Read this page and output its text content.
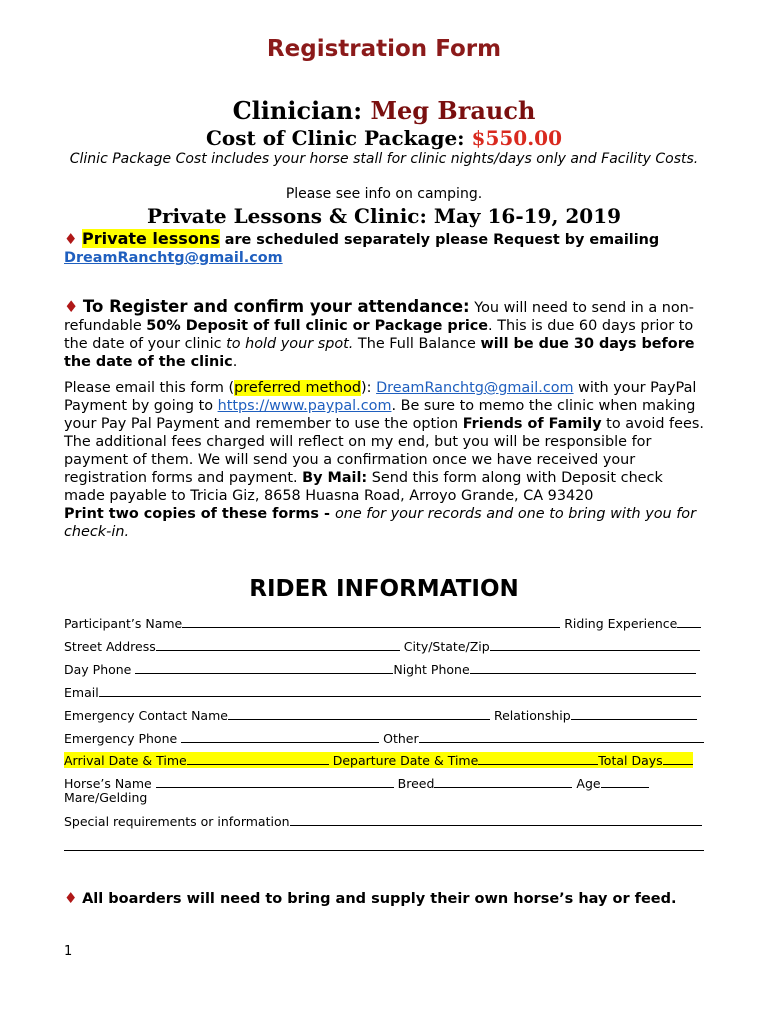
Registration Form
Clinician: Meg Brauch
Cost of Clinic Package: $550.00
Clinic Package Cost includes your horse stall for clinic nights/days only and Facility Costs.
Please see info on camping.
Private Lessons & Clinic: May 16-19, 2019
♦ Private lessons are scheduled separately please Request by emailing
DreamRanchtg@gmail.com
♦ To Register and confirm your attendance: You will need to send in a non-refundable 50% Deposit of full clinic or Package price. This is due 60 days prior to the date of your clinic to hold your spot. The Full Balance will be due 30 days before the date of the clinic.
Please email this form (preferred method): DreamRanchtg@gmail.com with your PayPal Payment by going to https://www.paypal.com. Be sure to memo the clinic when making your Pay Pal Payment and remember to use the option Friends of Family to avoid fees. The additional fees charged will reflect on my end, but you will be responsible for payment of them. We will send you a confirmation once we have received your registration forms and payment. By Mail: Send this form along with Deposit check made payable to Tricia Giz, 8658 Huasna Road, Arroyo Grande, CA 93420
Print two copies of these forms - one for your records and one to bring with you for check-in.
RIDER INFORMATION
Participant’s Name	Riding Experience
Street Address	City/State/Zip
Day Phone	Night Phone
Email
Emergency Contact Name	Relationship
Emergency Phone	Other
Arrival Date & Time	Departure Date & Time	Total Days
Horse’s Name	Breed	Age
Mare/Gelding
Special requirements or information
♦ All boarders will need to bring and supply their own horse’s hay or feed.
1
